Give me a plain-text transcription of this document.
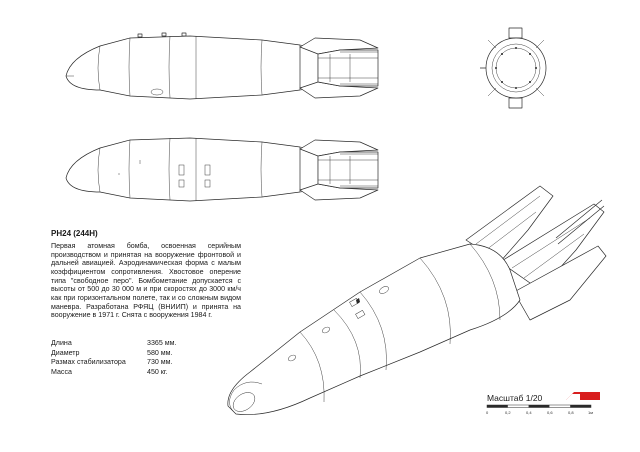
0	0,2	0,4	0,6	0,8	1м
AM
РН24 (244Н)

Первая атомная бомба, освоенная серийным производством и принятая на вооружение фронтовой и дальней авиацией. Аэродинамическая форма с малым коэффициентом сопротивления. Хвостовое оперение типа "свободное перо". Бомбометание допускается с высоты от 500 до 30 000 м и при скоростях до 3000 км/ч как при горизонтальном полете, так и со сложным видом маневра. Разработана РФЯЦ (ВНИИП) и принята на вооружение в 1971 г. Снята с вооружения 1984 г.

Длина	3365 мм.
Диаметр	580 мм.
Размах стабилизатора	730 мм.
Масса	450 кг.
Масштаб 1/20
